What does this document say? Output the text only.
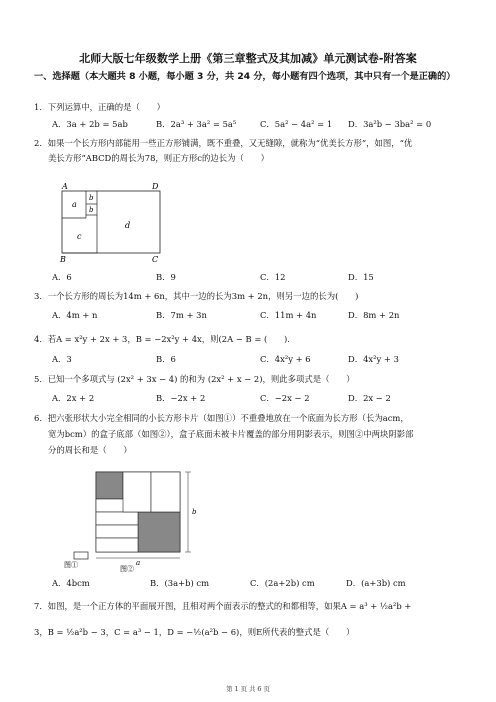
北师大版七年级数学上册《第三章整式及其加减》单元测试卷-附答案
一、选择题（本大题共 8 小题，每小题 3 分，共 24 分，每小题有四个选项，其中只有一个是正确的）
1．下列运算中，正确的是（　　）
A．3a + 2b = 5ab	B．2a³ + 3a² = 5a⁵	C．5a² − 4a² = 1 D．3a²b − 3ba² = 0
2．如果一个长方形内部能用一些正方形铺满，既不重叠，又无缝隙，就称为“优美长方形”，如图，“优
美长方形”ABCD的周长为78，则正方形c的边长为（　　）
A	D
B	C
a
b
b
c
d
A．6	B．9	C．12	D．15
3．一个长方形的周长为14m + 6n，其中一边的长为3m + 2n，则另一边的长为(　　)
A．4m + n	B．7m + 3n	C．11m + 4n	D．8m + 2n
4．若A = x²y + 2x + 3，B = −2x²y + 4x，则(2A − B = (　　).
A．3	B．6	C．4x²y + 6	D．4x²y + 3
5．已知一个多项式与 (2x² + 3x − 4) 的和为 (2x² + x − 2)，则此多项式是（　　）
A．2x + 2	B．−2x + 2	C．−2x − 2	D．2x − 2
6．把六张形状大小完全相同的小长方形卡片（如图①）不重叠地放在一个底面为长方形（长为acm，
宽为bcm）的盒子底部（如图②），盒子底面未被卡片覆盖的部分用阴影表示，则图②中两块阴影部
分的周长和是（　　）
图①
b
a
图②
A．4bcm	B．(3a+b) cm	C．(2a+2b) cm	D．(a+3b) cm
7．如图，是一个正方体的平面展开图，且相对两个面表示的整式的和都相等，如果A = a³ + ½a²b +
3，B = ½a²b − 3，C = a³ − 1，D = −½(a²b − 6)，则E所代表的整式是（　　）
第 1 页 共 6 页
